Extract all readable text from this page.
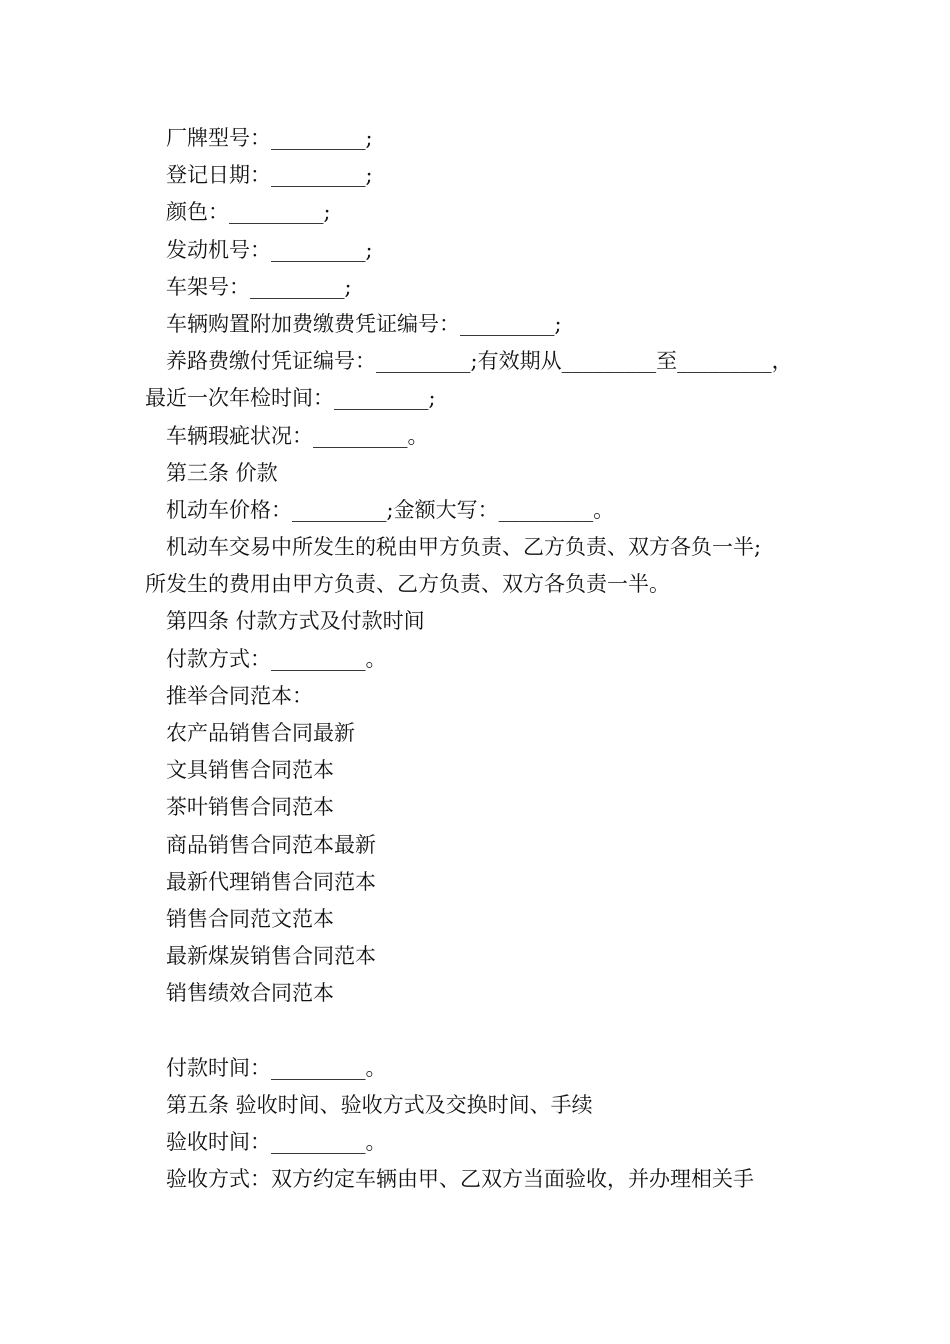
厂牌型号：_________;
登记日期：_________;
颜色：_________;
发动机号：_________;
车架号：_________;
车辆购置附加费缴费凭证编号：_________;
养路费缴付凭证编号：_________;有效期从_________至_________，
最近一次年检时间：_________;
车辆瑕疵状况：_________。
第三条 价款
机动车价格：_________;金额大写：_________。
机动车交易中所发生的税由甲方负责、乙方负责、双方各负一半;
所发生的费用由甲方负责、乙方负责、双方各负责一半。
第四条 付款方式及付款时间
付款方式：_________。
推举合同范本：
农产品销售合同最新
文具销售合同范本
茶叶销售合同范本
商品销售合同范本最新
最新代理销售合同范本
销售合同范文范本
最新煤炭销售合同范本
销售绩效合同范本
付款时间：_________。
第五条 验收时间、验收方式及交换时间、手续
验收时间：_________。
验收方式：双方约定车辆由甲、乙双方当面验收，并办理相关手
